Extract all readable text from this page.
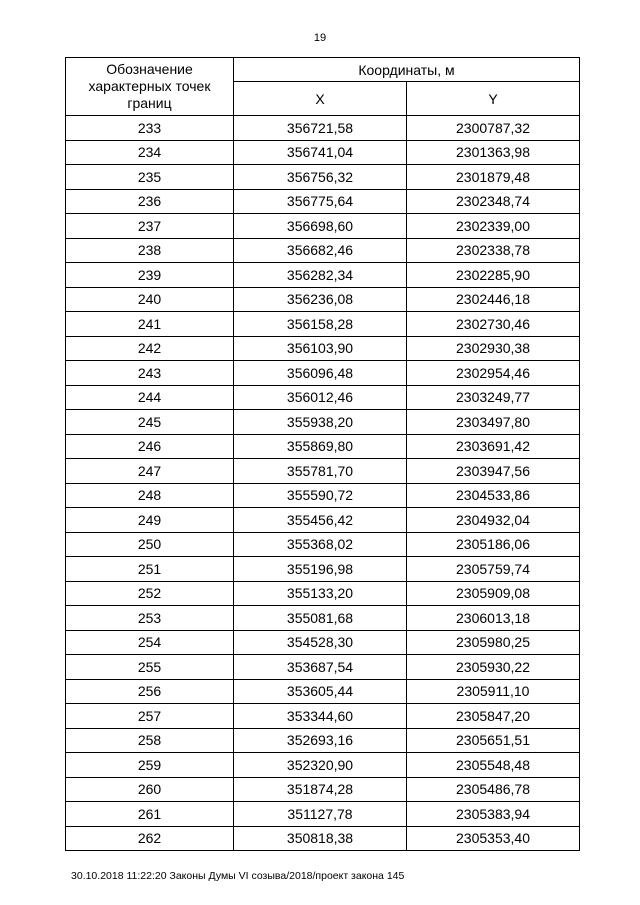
19
Обозначение
характерных точек
границ	Координаты, м	
	X	Y
233	356721,58	2300787,32
234	356741,04	2301363,98
235	356756,32	2301879,48
236	356775,64	2302348,74
237	356698,60	2302339,00
238	356682,46	2302338,78
239	356282,34	2302285,90
240	356236,08	2302446,18
241	356158,28	2302730,46
242	356103,90	2302930,38
243	356096,48	2302954,46
244	356012,46	2303249,77
245	355938,20	2303497,80
246	355869,80	2303691,42
247	355781,70	2303947,56
248	355590,72	2304533,86
249	355456,42	2304932,04
250	355368,02	2305186,06
251	355196,98	2305759,74
252	355133,20	2305909,08
253	355081,68	2306013,18
254	354528,30	2305980,25
255	353687,54	2305930,22
256	353605,44	2305911,10
257	353344,60	2305847,20
258	352693,16	2305651,51
259	352320,90	2305548,48
260	351874,28	2305486,78
261	351127,78	2305383,94
262	350818,38	2305353,40
30.10.2018 11:22:20 Законы Думы VI созыва/2018/проект закона 145
